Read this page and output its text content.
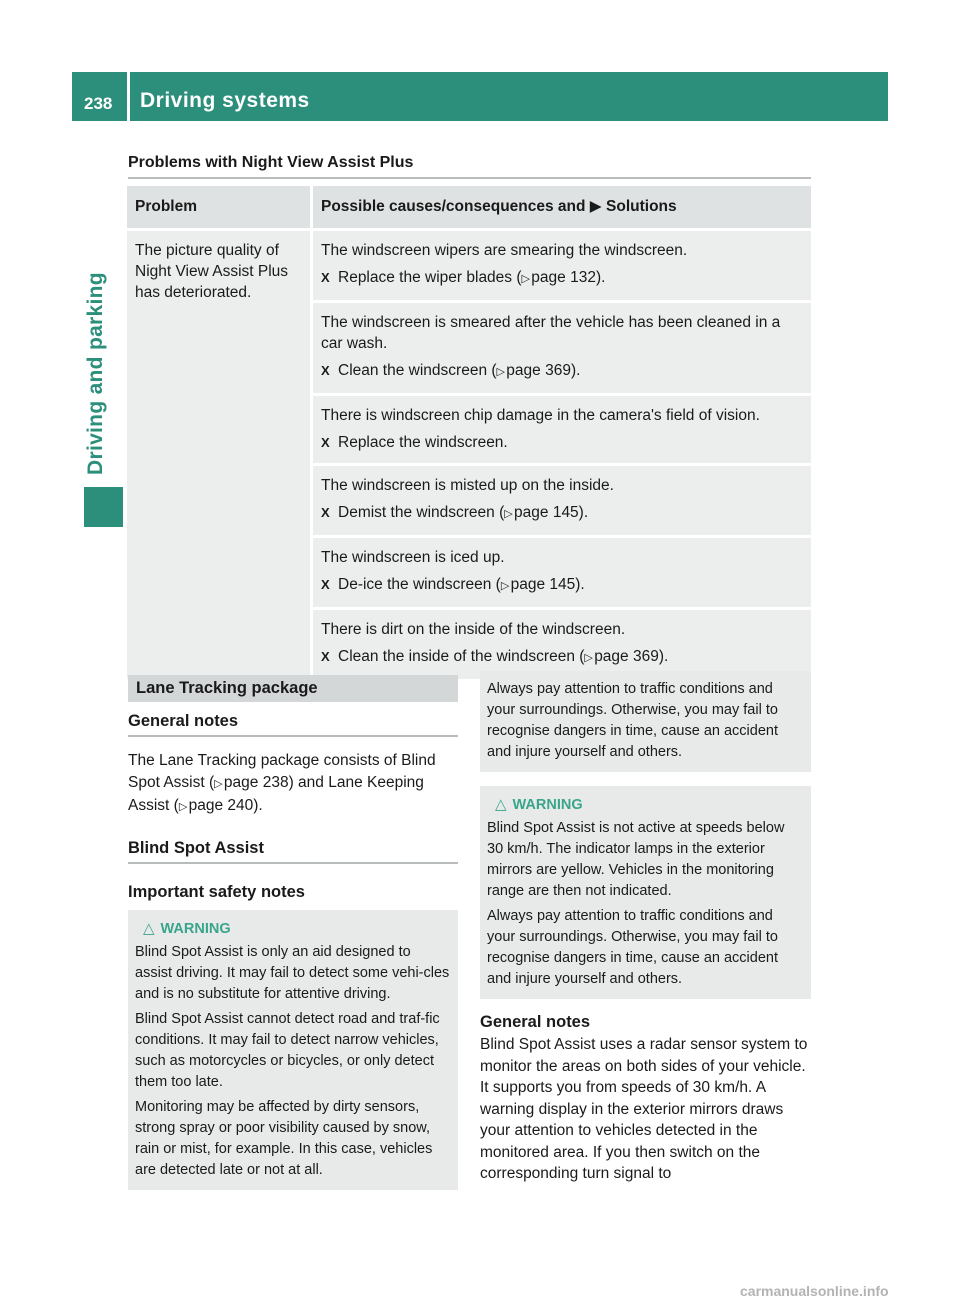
238 Driving systems
Driving and parking
Problems with Night View Assist Plus
Problem	Possible causes/consequences and ▶ Solutions

The picture quality of Night View Assist Plus has deteriorated.	The windscreen wipers are smearing the windscreen.
X Replace the wiper blades (▷ page 132).

	The windscreen is smeared after the vehicle has been cleaned in a car wash.
X Clean the windscreen (▷ page 369).

	There is windscreen chip damage in the camera's field of vision.
X Replace the windscreen.

	The windscreen is misted up on the inside.
X Demist the windscreen (▷ page 145).

	The windscreen is iced up.
X De-ice the windscreen (▷ page 145).

	There is dirt on the inside of the windscreen.
X Clean the inside of the windscreen (▷ page 369).
Lane Tracking package
General notes
The Lane Tracking package consists of Blind Spot Assist (▷ page 238) and Lane Keeping Assist (▷ page 240).
Blind Spot Assist
Important safety notes
△ WARNING
Blind Spot Assist is only an aid designed to assist driving. It may fail to detect some vehi-cles and is no substitute for attentive driving.
Blind Spot Assist cannot detect road and traf-fic conditions. It may fail to detect narrow vehicles, such as motorcycles or bicycles, or only detect them too late.
Monitoring may be affected by dirty sensors, strong spray or poor visibility caused by snow, rain or mist, for example. In this case, vehicles are detected late or not at all.
Always pay attention to traffic conditions and your surroundings. Otherwise, you may fail to recognise dangers in time, cause an accident and injure yourself and others.
△ WARNING
Blind Spot Assist is not active at speeds below 30 km/h. The indicator lamps in the exterior mirrors are yellow. Vehicles in the monitoring range are then not indicated.
Always pay attention to traffic conditions and your surroundings. Otherwise, you may fail to recognise dangers in time, cause an accident and injure yourself and others.
General notes
Blind Spot Assist uses a radar sensor system to monitor the areas on both sides of your vehicle. It supports you from speeds of 30 km/h. A warning display in the exterior mirrors draws your attention to vehicles detected in the monitored area. If you then switch on the corresponding turn signal to
carmanualsonline.info
